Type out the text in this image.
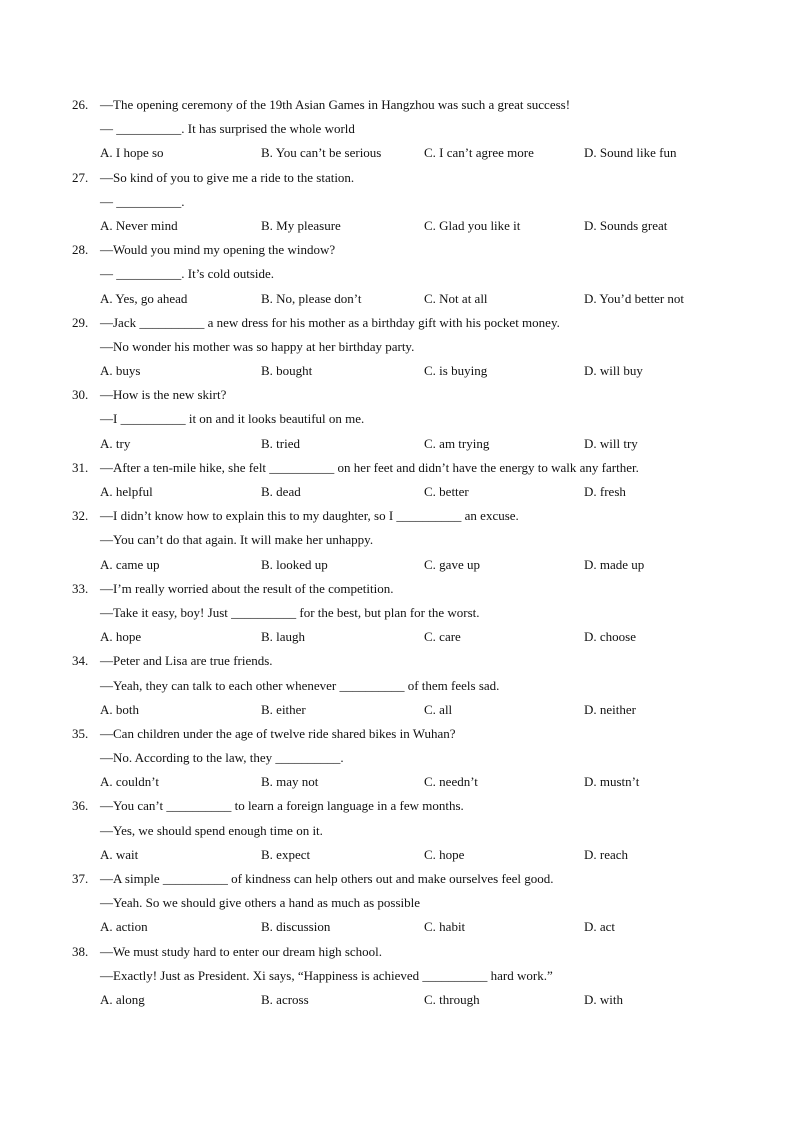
26. —The opening ceremony of the 19th Asian Games in Hangzhou was such a great success!
— __________. It has surprised the whole world
A. I hope so	B. You can’t be serious	C. I can’t agree more	D. Sound like fun
27. —So kind of you to give me a ride to the station.
— __________.
A. Never mind	B. My pleasure	C. Glad you like it	D. Sounds great
28. —Would you mind my opening the window?
— __________. It’s cold outside.
A. Yes, go ahead	B. No, please don’t	C. Not at all	D. You’d better not
29. —Jack __________ a new dress for his mother as a birthday gift with his pocket money.
—No wonder his mother was so happy at her birthday party.
A. buys	B. bought	C. is buying	D. will buy
30. —How is the new skirt?
—I __________ it on and it looks beautiful on me.
A. try	B. tried	C. am trying	D. will try
31. —After a ten-mile hike, she felt __________ on her feet and didn’t have the energy to walk any farther.
A. helpful	B. dead	C. better	D. fresh
32. —I didn’t know how to explain this to my daughter, so I __________ an excuse.
—You can’t do that again. It will make her unhappy.
A. came up	B. looked up	C. gave up	D. made up
33. —I’m really worried about the result of the competition.
—Take it easy, boy! Just __________ for the best, but plan for the worst.
A. hope	B. laugh	C. care	D. choose
34. —Peter and Lisa are true friends.
—Yeah, they can talk to each other whenever __________ of them feels sad.
A. both	B. either	C. all	D. neither
35. —Can children under the age of twelve ride shared bikes in Wuhan?
—No. According to the law, they __________.
A. couldn’t	B. may not	C. needn’t	D. mustn’t
36. —You can’t __________ to learn a foreign language in a few months.
—Yes, we should spend enough time on it.
A. wait	B. expect	C. hope	D. reach
37. —A simple __________ of kindness can help others out and make ourselves feel good.
—Yeah. So we should give others a hand as much as possible
A. action	B. discussion	C. habit	D. act
38. —We must study hard to enter our dream high school.
—Exactly! Just as President. Xi says, “Happiness is achieved __________ hard work.”
A. along	B. across	C. through	D. with
